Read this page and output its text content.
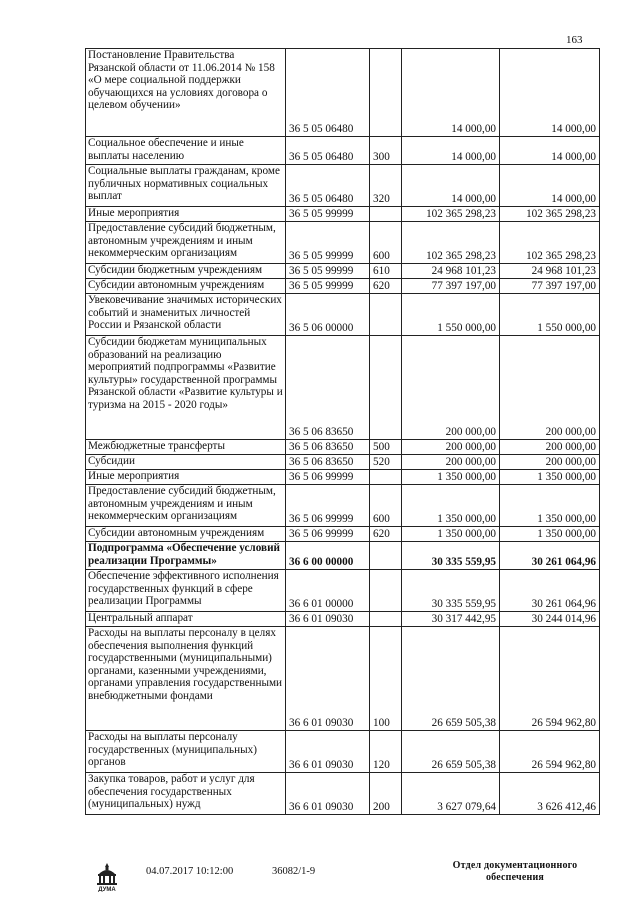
163
Постановление Правительства Рязанской области от 11.06.2014 № 158 «О мере социальной поддержки обучающихся на условиях договора о целевом обучении»	36 5 05 06480		14 000,00	14 000,00
Социальное обеспечение и иные выплаты населению	36 5 05 06480	300	14 000,00	14 000,00
Социальные выплаты гражданам, кроме публичных нормативных социальных выплат	36 5 05 06480	320	14 000,00	14 000,00
Иные мероприятия	36 5 05 99999		102 365 298,23	102 365 298,23
Предоставление субсидий бюджетным, автономным учреждениям и иным некоммерческим организациям	36 5 05 99999	600	102 365 298,23	102 365 298,23
Субсидии бюджетным учреждениям	36 5 05 99999	610	24 968 101,23	24 968 101,23
Субсидии автономным учреждениям	36 5 05 99999	620	77 397 197,00	77 397 197,00
Увековечивание значимых исторических событий и знаменитых личностей России и Рязанской области	36 5 06 00000		1 550 000,00	1 550 000,00
Субсидии бюджетам муниципальных образований на реализацию мероприятий подпрограммы «Развитие культуры» государственной программы Рязанской области «Развитие культуры и туризма на 2015 - 2020 годы»	36 5 06 83650		200 000,00	200 000,00
Межбюджетные трансферты	36 5 06 83650	500	200 000,00	200 000,00
Субсидии	36 5 06 83650	520	200 000,00	200 000,00
Иные мероприятия	36 5 06 99999		1 350 000,00	1 350 000,00
Предоставление субсидий бюджетным, автономным учреждениям и иным некоммерческим организациям	36 5 06 99999	600	1 350 000,00	1 350 000,00
Субсидии автономным учреждениям	36 5 06 99999	620	1 350 000,00	1 350 000,00
Подпрограмма «Обеспечение условий реализации Программы»	36 6 00 00000		30 335 559,95	30 261 064,96
Обеспечение эффективного исполнения государственных функций в сфере реализации Программы	36 6 01 00000		30 335 559,95	30 261 064,96
Центральный аппарат	36 6 01 09030		30 317 442,95	30 244 014,96
Расходы на выплаты персоналу в целях обеспечения выполнения функций государственными (муниципальными) органами, казенными учреждениями, органами управления государственными внебюджетными фондами	36 6 01 09030	100	26 659 505,38	26 594 962,80
Расходы на выплаты персоналу государственных (муниципальных) органов	36 6 01 09030	120	26 659 505,38	26 594 962,80
Закупка товаров, работ и услуг для обеспечения государственных (муниципальных) нужд	36 6 01 09030	200	3 627 079,64	3 626 412,46
ДУМА
04.07.2017 10:12:00	36082/1-9
Отдел документационного
обеспечения
